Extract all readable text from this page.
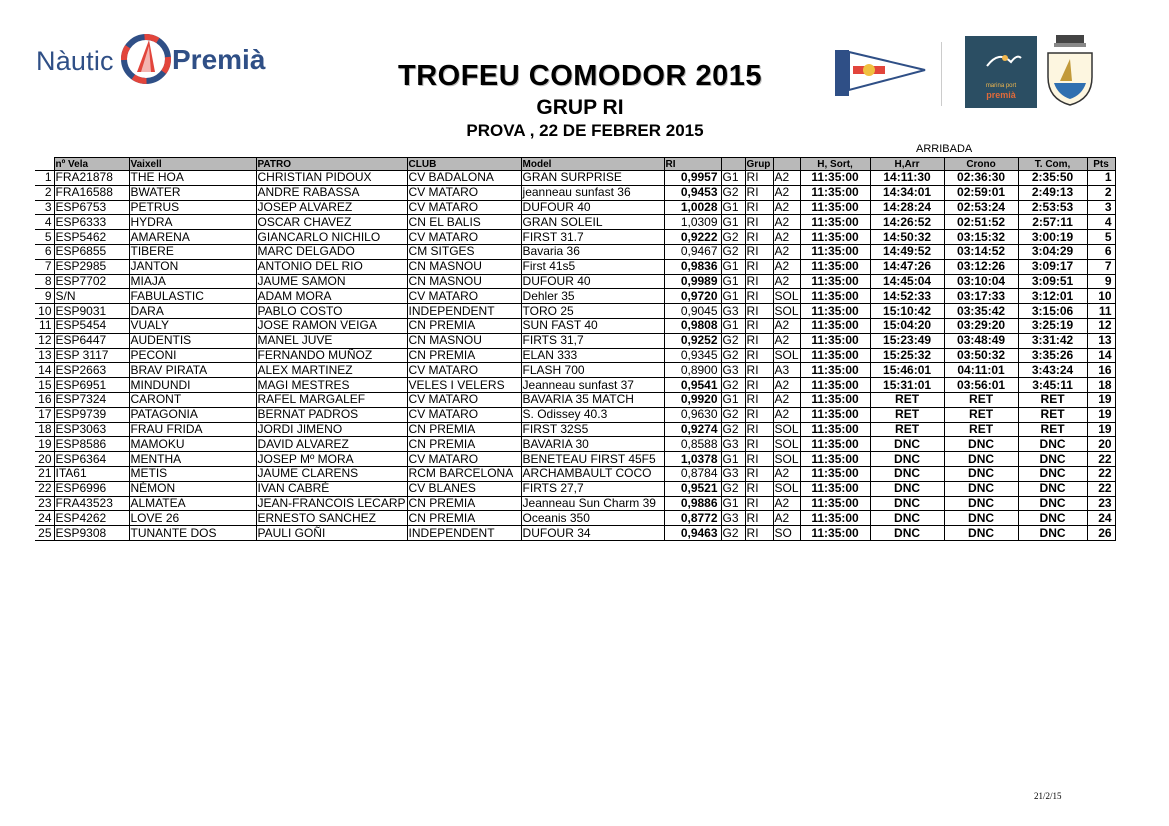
Nàutic Premià
TROFEU COMODOR 2015
GRUP RI
PROVA , 22 DE FEBRER 2015
marina port
premià
ARRIBADA
	nº Vela	Vaixell	PATRO	CLUB	Model	RI		Grup		H, Sort,	H,Arr	Crono	T. Com,	Pts
1	FRA21878	THE HOA	CHRISTIAN PIDOUX	CV BADALONA	GRAN SURPRISE	0,9957	G1	RI	A2	11:35:00	14:11:30	02:36:30	2:35:50	1
2	FRA16588	BWATER	ANDRE RABASSA	CV MATARO	jeanneau sunfast 36	0,9453	G2	RI	A2	11:35:00	14:34:01	02:59:01	2:49:13	2
3	ESP6753	PETRUS	JOSEP ALVAREZ	CV MATARO	DUFOUR 40	1,0028	G1	RI	A2	11:35:00	14:28:24	02:53:24	2:53:53	3
4	ESP6333	HYDRA	OSCAR CHAVEZ	CN EL BALIS	GRAN SOLEIL	1,0309	G1	RI	A2	11:35:00	14:26:52	02:51:52	2:57:11	4
5	ESP5462	AMARENA	GIANCARLO NICHILO	CV MATARO	FIRST 31.7	0,9222	G2	RI	A2	11:35:00	14:50:32	03:15:32	3:00:19	5
6	ESP6855	TIBERE	MARC DELGADO	CM SITGES	Bavaria 36	0,9467	G2	RI	A2	11:35:00	14:49:52	03:14:52	3:04:29	6
7	ESP2985	JANTON	ANTONIO DEL RIO	CN MASNOU	First 41s5	0,9836	G1	RI	A2	11:35:00	14:47:26	03:12:26	3:09:17	7
8	ESP7702	MIAJA	JAUME SAMON	CN MASNOU	DUFOUR 40	0,9989	G1	RI	A2	11:35:00	14:45:04	03:10:04	3:09:51	9
9	S/N	FABULASTIC	ADAM MORA	CV MATARO	Dehler 35	0,9720	G1	RI	SOL	11:35:00	14:52:33	03:17:33	3:12:01	10
10	ESP9031	DARA	PABLO COSTO	INDEPENDENT	TORO 25	0,9045	G3	RI	SOL	11:35:00	15:10:42	03:35:42	3:15:06	11
11	ESP5454	VUALY	JOSE RAMON VEIGA	CN PREMIA	SUN FAST 40	0,9808	G1	RI	A2	11:35:00	15:04:20	03:29:20	3:25:19	12
12	ESP6447	AUDENTIS	MANEL JUVE	CN MASNOU	FIRTS 31,7	0,9252	G2	RI	A2	11:35:00	15:23:49	03:48:49	3:31:42	13
13	ESP 3117	PECONI	FERNANDO MUÑOZ	CN PREMIA	ELAN 333	0,9345	G2	RI	SOL	11:35:00	15:25:32	03:50:32	3:35:26	14
14	ESP2663	BRAV PIRATA	ALEX MARTINEZ	CV MATARO	FLASH 700	0,8900	G3	RI	A3	11:35:00	15:46:01	04:11:01	3:43:24	16
15	ESP6951	MINDUNDI	MAGI MESTRES	VELES I VELERS	Jeanneau sunfast 37	0,9541	G2	RI	A2	11:35:00	15:31:01	03:56:01	3:45:11	18
16	ESP7324	CARONT	RAFEL MARGALEF	CV MATARO	BAVARIA 35 MATCH	0,9920	G1	RI	A2	11:35:00	RET	RET	RET	19
17	ESP9739	PATAGONIA	BERNAT PADROS	CV MATARO	S. Odissey 40.3	0,9630	G2	RI	A2	11:35:00	RET	RET	RET	19
18	ESP3063	FRAU FRIDA	JORDI JIMENO	CN PREMIA	FIRST 32S5	0,9274	G2	RI	SOL	11:35:00	RET	RET	RET	19
19	ESP8586	MAMOKU	DAVID ALVAREZ	CN PREMIA	BAVARIA 30	0,8588	G3	RI	SOL	11:35:00	DNC	DNC	DNC	20
20	ESP6364	MENTHA	JOSEP Mº MORA	CV MATARO	BENETEAU FIRST 45F5	1,0378	G1	RI	SOL	11:35:00	DNC	DNC	DNC	22
21	ITA61	METIS	JAUME CLARENS	RCM BARCELONA	ARCHAMBAULT COCO	0,8784	G3	RI	A2	11:35:00	DNC	DNC	DNC	22
22	ESP6996	NÉMON	IVAN CABRÉ	CV BLANES	FIRTS 27,7	0,9521	G2	RI	SOL	11:35:00	DNC	DNC	DNC	22
23	FRA43523	ALMATEA	JEAN-FRANCOIS LECARP	CN PREMIA	Jeanneau Sun Charm 39	0,9886	G1	RI	A2	11:35:00	DNC	DNC	DNC	23
24	ESP4262	LOVE 26	ERNESTO SANCHEZ	CN PREMIA	Oceanis 350	0,8772	G3	RI	A2	11:35:00	DNC	DNC	DNC	24
25	ESP9308	TUNANTE DOS	PAULI GOÑI	INDEPENDENT	DUFOUR 34	0,9463	G2	RI	SO	11:35:00	DNC	DNC	DNC	26
21/2/15
